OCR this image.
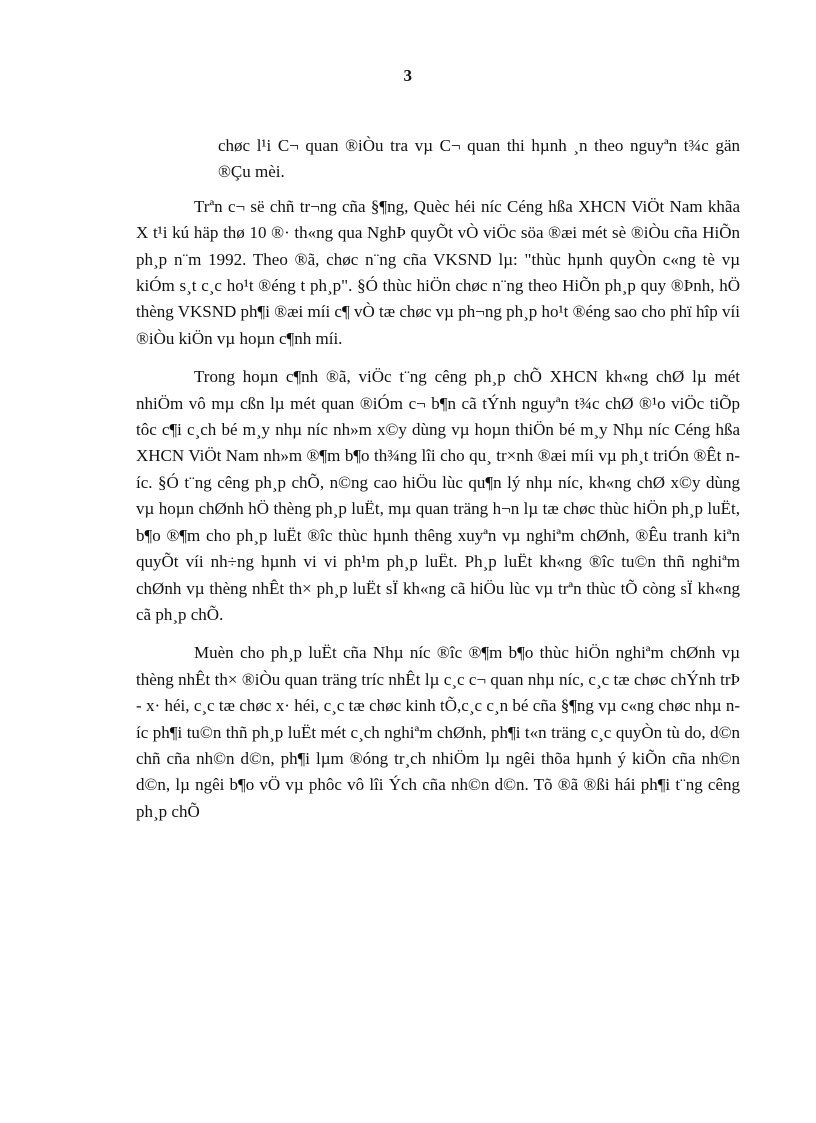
3

chøc l¹i C¬ quan ®iÒu tra vµ C¬ quan thi hµnh ¸n theo nguyªn t¾c gän ®Çu mèi.

Trªn c¬ së chñ tr¬ng cña §¶ng, Quèc héi níc Céng hßa XHCN ViÖt Nam khãa X t¹i kú häp thø 10 ®· th«ng qua NghÞ quyÕt vÒ viÖc söa ®æi mét sè ®iÒu cña HiÕn ph¸p n¨m 1992. Theo ®ã, chøc n¨ng cña VKSND lµ: "thùc hµnh quyÒn c«ng tè vµ kiÓm s¸t c¸c ho¹t ®éng t ph¸p". §Ó thùc hiÖn chøc n¨ng theo HiÕn ph¸p quy ®Þnh, hÖ thèng VKSND ph¶i ®æi míi c¶ vÒ tæ chøc vµ ph¬ng ph¸p ho¹t ®éng sao cho phï hîp víi ®iÒu kiÖn vµ hoµn c¶nh míi.

Trong hoµn c¶nh ®ã, viÖc t¨ng cêng ph¸p chÕ XHCN kh«ng chØ lµ mét nhiÖm vô mµ cßn lµ mét quan ®iÓm c¬ b¶n cã tÝnh nguyªn t¾c chØ ®¹o viÖc tiÕp tôc c¶i c¸ch bé m¸y nhµ níc nh»m x©y dùng vµ hoµn thiÖn bé m¸y Nhµ níc Céng hßa XHCN ViÖt Nam nh»m ®¶m b¶o th¾ng lîi cho qu¸ tr×nh ®æi míi vµ ph¸t triÓn ®Êt níc. §Ó t¨ng cêng ph¸p chÕ, n©ng cao hiÖu lùc qu¶n lý nhµ níc, kh«ng chØ x©y dùng vµ hoµn chØnh hÖ thèng ph¸p luËt, mµ quan träng h¬n lµ tæ chøc thùc hiÖn ph¸p luËt, b¶o ®¶m cho ph¸p luËt ®îc thùc hµnh thêng xuyªn vµ nghiªm chØnh, ®Êu tranh kiªn quyÕt víi nh÷ng hµnh vi vi ph¹m ph¸p luËt. Ph¸p luËt kh«ng ®îc tu©n thñ nghiªm chØnh vµ thèng nhÊt th× ph¸p luËt sÏ kh«ng cã hiÖu lùc vµ trªn thùc tÕ còng sÏ kh«ng cã ph¸p chÕ.

Muèn cho ph¸p luËt cña Nhµ níc ®îc ®¶m b¶o thùc hiÖn nghiªm chØnh vµ thèng nhÊt th× ®iÒu quan träng tríc nhÊt lµ c¸c c¬ quan nhµ níc, c¸c tæ chøc chÝnh trÞ - x· héi, c¸c tæ chøc x· héi, c¸c tæ chøc kinh tÕ,c¸c c¸n bé cña §¶ng vµ c«ng chøc nhµ níc ph¶i tu©n thñ ph¸p luËt mét c¸ch nghiªm chØnh, ph¶i t«n träng c¸c quyÒn tù do, d©n chñ cña nh©n d©n, ph¶i lµm ®óng tr¸ch nhiÖm lµ ngêi thõa hµnh ý kiÕn cña nh©n d©n, lµ ngêi b¶o vÖ vµ phôc vô lîi Ých cña nh©n d©n. Tõ ®ã ®ßi hái ph¶i t¨ng cêng ph¸p chÕ
